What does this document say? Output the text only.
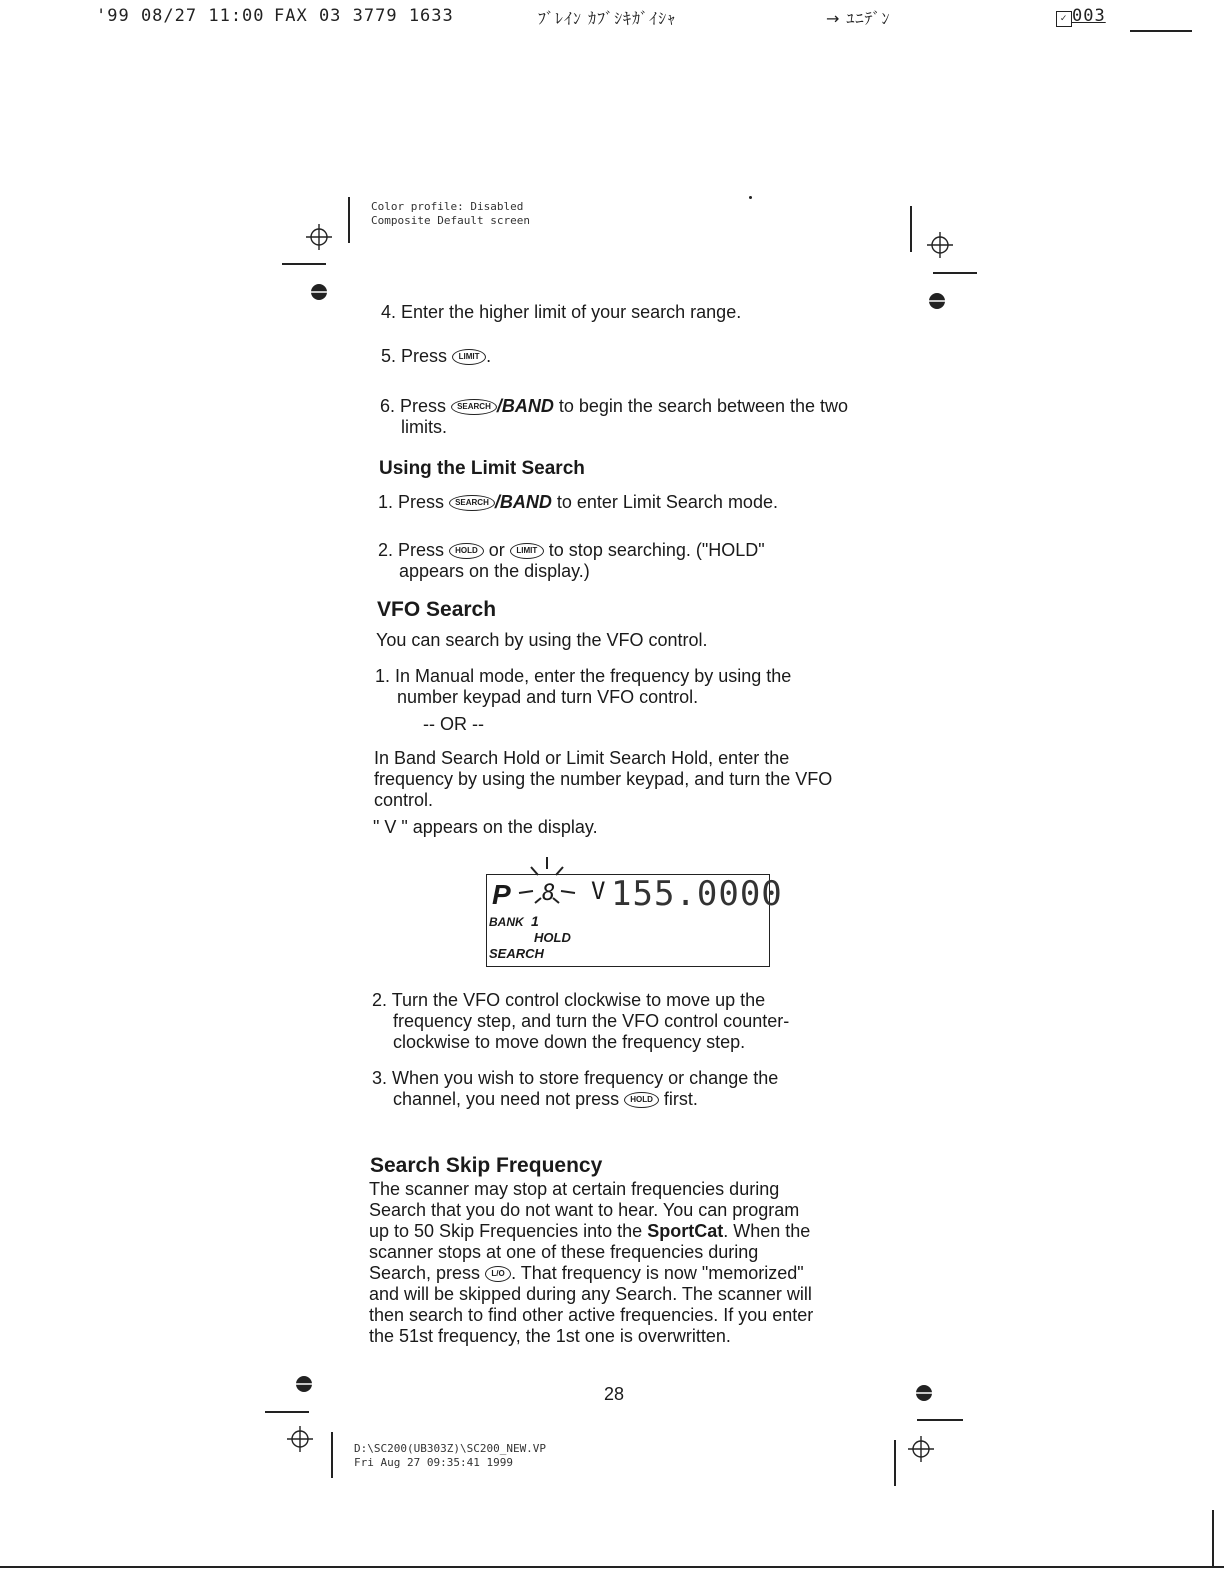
'99 08/27 11:00 FAX 03 3779 1633	ﾌﾞﾚｲﾝ ｶﾌﾞｼｷｶﾞｲｼｬ	→ ﾕﾆﾃﾞﾝ	✓ 003
Color profile: Disabled
Composite Default screen
4. Enter the higher limit of your search range.
5. Press LIMIT .
6. Press SEARCH /BAND to begin the search between the two
limits.
Using the Limit Search
1. Press SEARCH /BAND to enter Limit Search mode.
2. Press HOLD or LIMIT to stop searching. ("HOLD"
appears on the display.)
VFO Search
You can search by using the VFO control.
1. In Manual mode, enter the frequency by using the
number keypad and turn VFO control.
-- OR --
In Band Search Hold or Limit Search Hold, enter the
frequency by using the number keypad, and turn the VFO
control.
" V " appears on the display.
P 8 V 155.0000
BANK 1
HOLD
SEARCH
2. Turn the VFO control clockwise to move up the
frequency step, and turn the VFO control counter-
clockwise to move down the frequency step.
3. When you wish to store frequency or change the
channel, you need not press HOLD first.
Search Skip Frequency
The scanner may stop at certain frequencies during
Search that you do not want to hear. You can program
up to 50 Skip Frequencies into the SportCat. When the
scanner stops at one of these frequencies during
Search, press L/O . That frequency is now "memorized"
and will be skipped during any Search. The scanner will
then search to find other active frequencies. If you enter
the 51st frequency, the 1st one is overwritten.
28
D:\SC200(UB303Z)\SC200_NEW.VP
Fri Aug 27 09:35:41 1999
